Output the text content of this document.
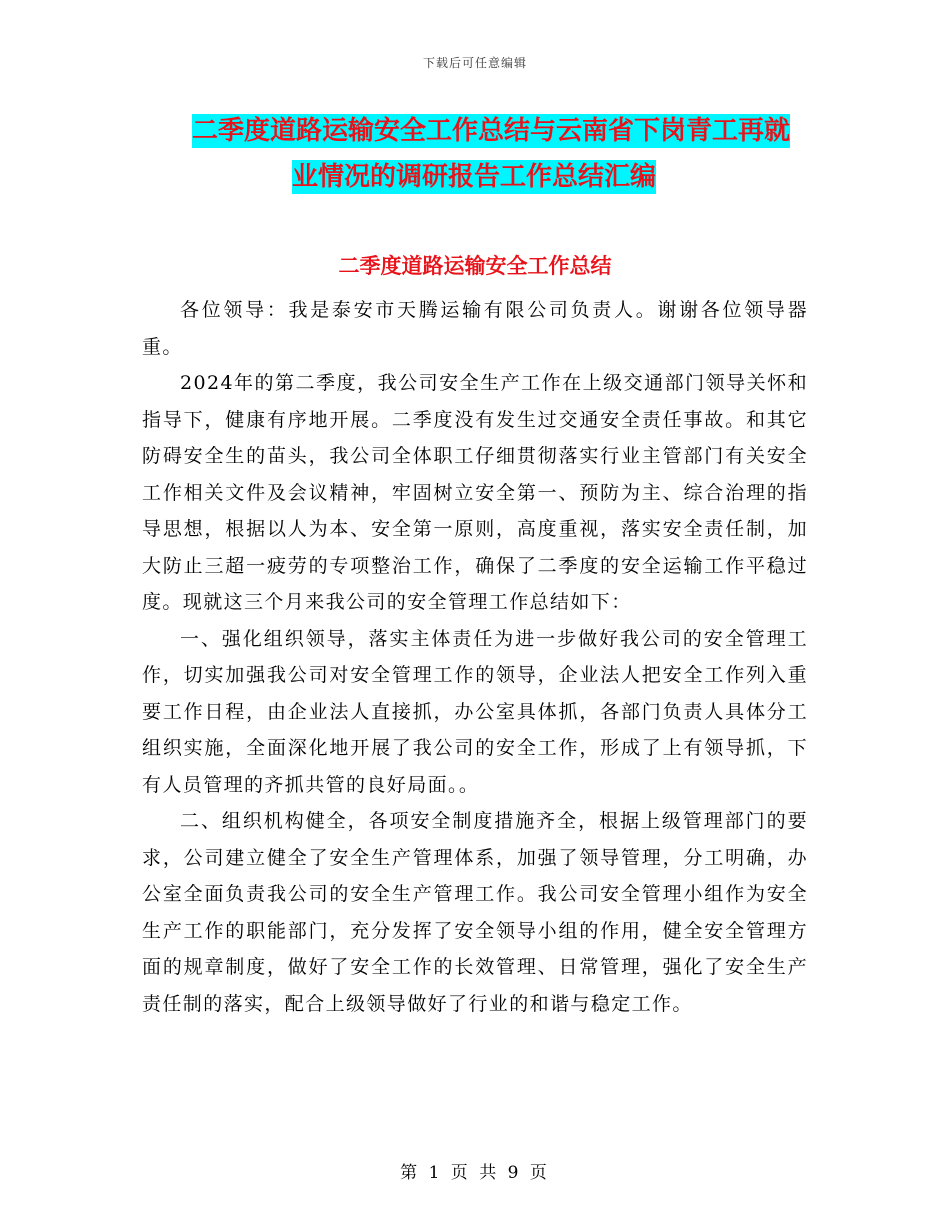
下载后可任意编辑
二季度道路运输安全工作总结与云南省下岗青工再就
业情况的调研报告工作总结汇编
二季度道路运输安全工作总结

各位领导：我是泰安市天腾运输有限公司负责人。谢谢各位领导器重。

2024年的第二季度，我公司安全生产工作在上级交通部门领导关怀和指导下，健康有序地开展。二季度没有发生过交通安全责任事故。和其它防碍安全生的苗头，我公司全体职工仔细贯彻落实行业主管部门有关安全工作相关文件及会议精神，牢固树立安全第一、预防为主、综合治理的指导思想，根据以人为本、安全第一原则，高度重视，落实安全责任制，加大防止三超一疲劳的专项整治工作，确保了二季度的安全运输工作平稳过度。现就这三个月来我公司的安全管理工作总结如下：

一、强化组织领导，落实主体责任为进一步做好我公司的安全管理工作，切实加强我公司对安全管理工作的领导，企业法人把安全工作列入重要工作日程，由企业法人直接抓，办公室具体抓，各部门负责人具体分工组织实施，全面深化地开展了我公司的安全工作，形成了上有领导抓，下有人员管理的齐抓共管的良好局面。。

二、组织机构健全，各项安全制度措施齐全，根据上级管理部门的要求，公司建立健全了安全生产管理体系，加强了领导管理，分工明确，办公室全面负责我公司的安全生产管理工作。我公司安全管理小组作为安全生产工作的职能部门，充分发挥了安全领导小组的作用，健全安全管理方面的规章制度，做好了安全工作的长效管理、日常管理，强化了安全生产责任制的落实，配合上级领导做好了行业的和谐与稳定工作。

第 1 页 共 9 页
